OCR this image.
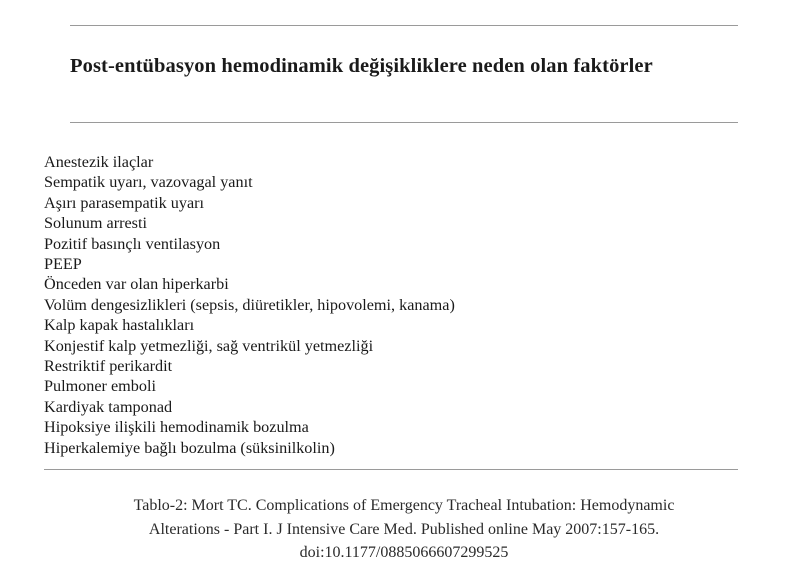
Post-entübasyon hemodinamik değişikliklere neden olan faktörler
Anestezik ilaçlar
Sempatik uyarı, vazovagal yanıt
Aşırı parasempatik uyarı
Solunum arresti
Pozitif basınçlı ventilasyon
PEEP
Önceden var olan hiperkarbi
Volüm dengesizlikleri (sepsis, diüretikler, hipovolemi, kanama)
Kalp kapak hastalıkları
Konjestif kalp yetmezliği, sağ ventrikül yetmezliği
Restriktif perikardit
Pulmoner emboli
Kardiyak tamponad
Hipoksiye ilişkili hemodinamik bozulma
Hiperkalemiye bağlı bozulma (süksinilkolin)
Tablo-2: Mort TC. Complications of Emergency Tracheal Intubation: Hemodynamic
Alterations - Part I. J Intensive Care Med. Published online May 2007:157-165.
doi:10.1177/0885066607299525
